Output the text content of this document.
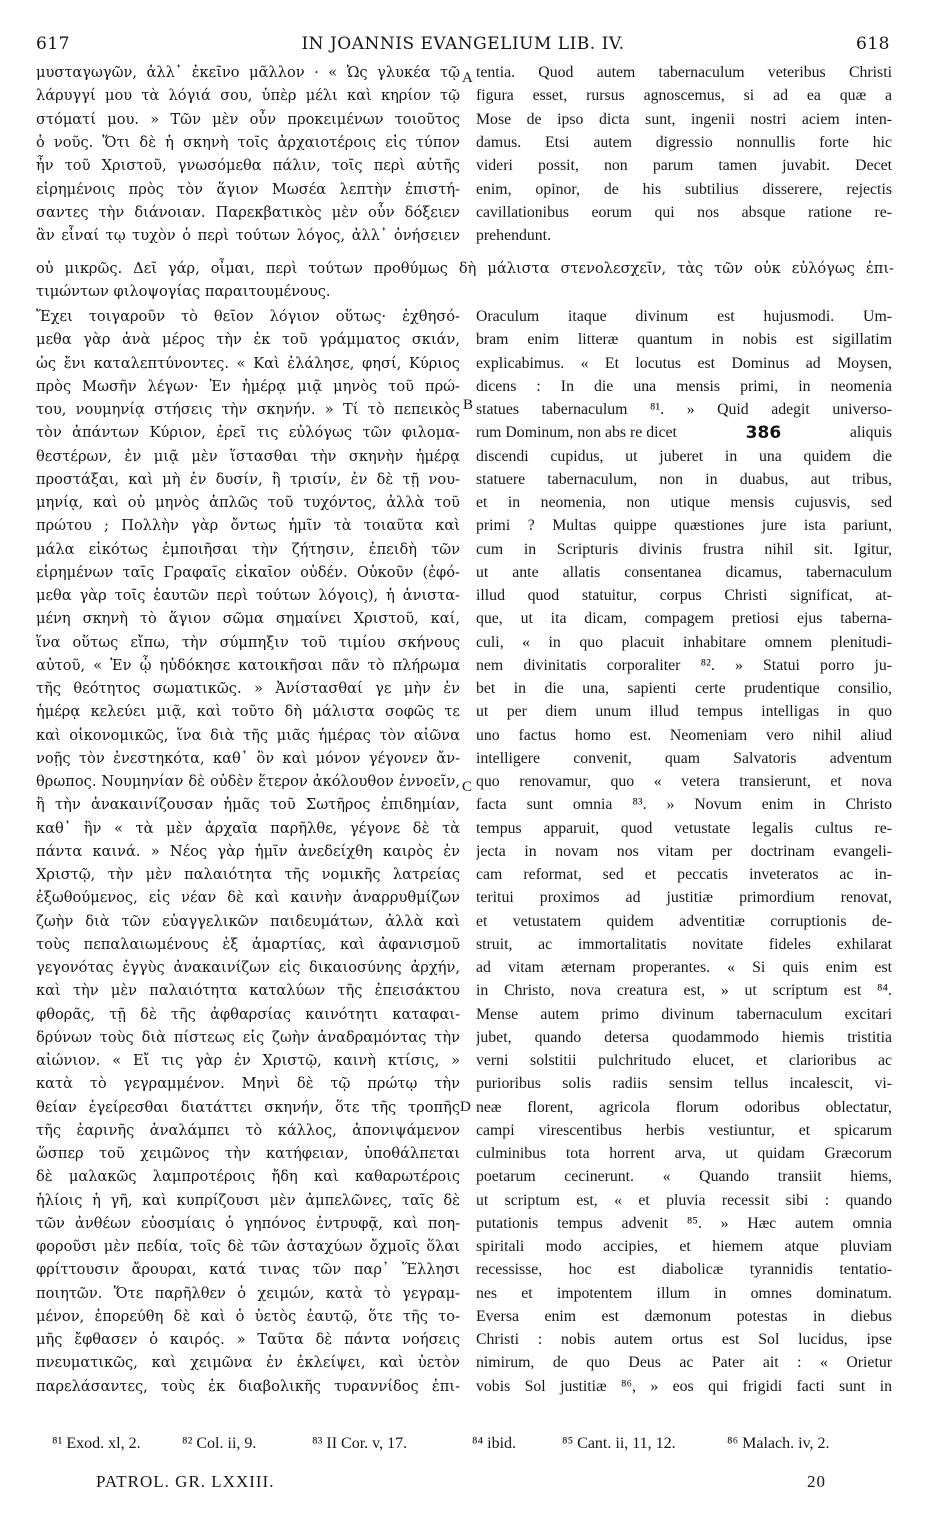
617	IN JOANNIS EVANGELIUM LIB. IV.	618
μυσταγωγῶν, ἀλλ᾽ ἐκεῖνο μᾶλλον · « Ὡς γλυκέα τῷ
λάρυγγί μου τὰ λόγιά σου, ὑπὲρ μέλι καὶ κηρίον τῷ
στόματί μου. » Τῶν μὲν οὖν προκειμένων τοιοῦτος
ὁ νοῦς. Ὅτι δὲ ἡ σκηνὴ τοῖς ἀρχαιοτέροις εἰς τύπον
ἦν τοῦ Χριστοῦ, γνωσόμεθα πάλιν, τοῖς περὶ αὐτῆς
εἰρημένοις πρὸς τὸν ἅγιον Μωσέα λεπτὴν ἐπιστή-
σαντες τὴν διάνοιαν. Παρεκβατικὸς μὲν οὖν δόξειεν
ἂν εἶναί τῳ τυχὸν ὁ περὶ τούτων λόγος, ἀλλ᾽ ὀνήσειεν
tentia. Quod autem tabernaculum veteribus Christi
figura esset, rursus agnoscemus, si ad ea quæ a
Mose de ipso dicta sunt, ingenii nostri aciem inten-
damus. Etsi autem digressio nonnullis forte hic
videri possit, non parum tamen juvabit. Decet
enim, opinor, de his subtilius disserere, rejectis
cavillationibus eorum qui nos absque ratione re-
prehendunt.
οὐ μικρῶς. Δεῖ γάρ, οἶμαι, περὶ τούτων προθύμως δὴ μάλιστα στενολεσχεῖν, τὰς τῶν οὐκ εὐλόγως ἐπι-
τιμώντων φιλοψογίας παραιτουμένους.
Ἔχει τοιγαροῦν τὸ θεῖον λόγιον οὕτως· ἐχθησό-
μεθα γὰρ ἀνὰ μέρος τὴν ἐκ τοῦ γράμματος σκιάν,
ὡς ἔνι καταλεπτύνοντες. « Καὶ ἐλάλησε, φησί, Κύριος
πρὸς Μωσῆν λέγων· Ἐν ἡμέρᾳ μιᾷ μηνὸς τοῦ πρώ-
του, νουμηνίᾳ στήσεις τὴν σκηνήν. » Τί τὸ πεπεικὸς
τὸν ἁπάντων Κύριον, ἐρεῖ τις εὐλόγως τῶν φιλομα-
θεστέρων, ἐν μιᾷ μὲν ἵστασθαι τὴν σκηνὴν ἡμέρᾳ
προστάξαι, καὶ μὴ ἐν δυσίν, ἢ τρισίν, ἐν δὲ τῇ νου-
μηνίᾳ, καὶ οὐ μηνὸς ἁπλῶς τοῦ τυχόντος, ἀλλὰ τοῦ
πρώτου ; Πολλὴν γὰρ ὄντως ἡμῖν τὰ τοιαῦτα καὶ
μάλα εἰκότως ἐμποιῆσαι τὴν ζήτησιν, ἐπειδὴ τῶν
εἰρημένων ταῖς Γραφαῖς εἰκαῖον οὐδέν. Οὐκοῦν (ἐφό-
μεθα γὰρ τοῖς ἑαυτῶν περὶ τούτων λόγοις), ἡ ἀνιστα-
μένη σκηνὴ τὸ ἅγιον σῶμα σημαίνει Χριστοῦ, καί,
ἵνα οὕτως εἴπω, τὴν σύμπηξιν τοῦ τιμίου σκήνους
αὐτοῦ, « Ἐν ᾧ ηὐδόκησε κατοικῆσαι πᾶν τὸ πλήρωμα
τῆς θεότητος σωματικῶς. » Ἀνίστασθαί γε μὴν ἐν
ἡμέρᾳ κελεύει μιᾷ, καὶ τοῦτο δὴ μάλιστα σοφῶς τε
καὶ οἰκονομικῶς, ἵνα διὰ τῆς μιᾶς ἡμέρας τὸν αἰῶνα
νοῇς τὸν ἐνεστηκότα, καθ᾽ ὃν καὶ μόνον γέγονεν ἄν-
θρωπος. Νουμηνίαν δὲ οὐδὲν ἕτερον ἀκόλουθον ἐννοεῖν,
ἢ τὴν ἀνακαινίζουσαν ἡμᾶς τοῦ Σωτῆρος ἐπιδημίαν,
καθ᾽ ἣν « τὰ μὲν ἀρχαῖα παρῆλθε, γέγονε δὲ τὰ
πάντα καινά. » Νέος γὰρ ἡμῖν ἀνεδείχθη καιρὸς ἐν
Χριστῷ, τὴν μὲν παλαιότητα τῆς νομικῆς λατρείας
ἐξωθούμενος, εἰς νέαν δὲ καὶ καινὴν ἀναρρυθμίζων
ζωὴν διὰ τῶν εὐαγγελικῶν παιδευμάτων, ἀλλὰ καὶ
τοὺς πεπαλαιωμένους ἐξ ἁμαρτίας, καὶ ἀφανισμοῦ
γεγονότας ἐγγὺς ἀνακαινίζων εἰς δικαιοσύνης ἀρχήν,
καὶ τὴν μὲν παλαιότητα καταλύων τῆς ἐπεισάκτου
φθορᾶς, τῇ δὲ τῆς ἀφθαρσίας καινότητι καταφαι-
δρύνων τοὺς διὰ πίστεως εἰς ζωὴν ἀναδραμόντας τὴν
αἰώνιον. « Εἴ τις γὰρ ἐν Χριστῷ, καινὴ κτίσις, »
κατὰ τὸ γεγραμμένον. Μηνὶ δὲ τῷ πρώτῳ τὴν
θείαν ἐγείρεσθαι διατάττει σκηνήν, ὅτε τῆς τροπῆς
τῆς ἐαρινῆς ἀναλάμπει τὸ κάλλος, ἀπονιψάμενον
ὥσπερ τοῦ χειμῶνος τὴν κατήφειαν, ὑποθάλπεται
δὲ μαλακῶς λαμπροτέροις ἤδη καὶ καθαρωτέροις
ἡλίοις ἡ γῆ, καὶ κυπρίζουσι μὲν ἀμπελῶνες, ταῖς δὲ
τῶν ἀνθέων εὐοσμίαις ὁ γηπόνος ἐντρυφᾷ, καὶ ποη-
φοροῦσι μὲν πεδία, τοῖς δὲ τῶν ἀσταχύων ὄχμοῖς ὅλαι
φρίττουσιν ἄρουραι, κατά τινας τῶν παρ᾽ Ἕλλησι
ποιητῶν. Ὅτε παρῆλθεν ὁ χειμών, κατὰ τὸ γεγραμ-
μένον, ἐπορεύθη δὲ καὶ ὁ ὑετὸς ἑαυτῷ, ὅτε τῆς το-
μῆς ἔφθασεν ὁ καιρός. » Ταῦτα δὲ πάντα νοήσεις
πνευματικῶς, καὶ χειμῶνα ἐν ἐκλείψει, καὶ ὑετὸν
παρελάσαντες, τοὺς ἐκ διαβολικῆς τυραννίδος ἐπι-
Oraculum itaque divinum est hujusmodi. Um-
bram enim litteræ quantum in nobis est sigillatim
explicabimus. « Et locutus est Dominus ad Moysen,
dicens : In die una mensis primi, in neomenia
statues tabernaculum ⁸¹. » Quid adegit universo-
rum Dominum, non abs re dicet	386	aliquis
discendi cupidus, ut juberet in una quidem die
statuere tabernaculum, non in duabus, aut tribus,
et in neomenia, non utique mensis cujusvis, sed
primi ? Multas quippe quæstiones jure ista pariunt,
cum in Scripturis divinis frustra nihil sit. Igitur,
ut ante allatis consentanea dicamus, tabernaculum
illud quod statuitur, corpus Christi significat, at-
que, ut ita dicam, compagem pretiosi ejus taberna-
culi, « in quo placuit inhabitare omnem plenitudi-
nem divinitatis corporaliter ⁸². » Statui porro ju-
bet in die una, sapienti certe prudentique consilio,
ut per diem unum illud tempus intelligas in quo
uno factus homo est. Neomeniam vero nihil aliud
intelligere convenit, quam Salvatoris adventum
quo renovamur, quo « vetera transierunt, et nova
facta sunt omnia ⁸³. » Novum enim in Christo
tempus apparuit, quod vetustate legalis cultus re-
jecta in novam nos vitam per doctrinam evangeli-
cam reformat, sed et peccatis inveteratos ac in-
teritui proximos ad justitiæ primordium renovat,
et vetustatem quidem adventitiæ corruptionis de-
struit, ac immortalitatis novitate fideles exhilarat
ad vitam æternam properantes. « Si quis enim est
in Christo, nova creatura est, » ut scriptum est ⁸⁴.
Mense autem primo divinum tabernaculum excitari
jubet, quando detersa quodammodo hiemis tristitia
verni solstitii pulchritudo elucet, et clarioribus ac
purioribus solis radiis sensim tellus incalescit, vi-
neæ florent, agricola florum odoribus oblectatur,
campi virescentibus herbis vestiuntur, et spicarum
culminibus tota horrent arva, ut quidam Græcorum
poetarum cecinerunt. « Quando transiit hiems,
ut scriptum est, « et pluvia recessit sibi : quando
putationis tempus advenit ⁸⁵. » Hæc autem omnia
spiritali modo accipies, et hiemem atque pluviam
recessisse, hoc est diabolicæ tyrannidis tentatio-
nes et impotentem illum in omnes dominatum.
Eversa enim est dæmonum potestas in diebus
Christi : nobis autem ortus est Sol lucidus, ipse
nimirum, de quo Deus ac Pater ait : « Orietur
vobis Sol justitiæ ⁸⁶, » eos qui frigidi facti sunt in
A
B
C
D
⁸¹ Exod. xl, 2.	⁸² Col. ii, 9.	⁸³ II Cor. v, 17.	⁸⁴ ibid.	⁸⁵ Cant. ii, 11, 12.	⁸⁶ Malach. iv, 2.
PATROL. GR. LXXIII.	20
